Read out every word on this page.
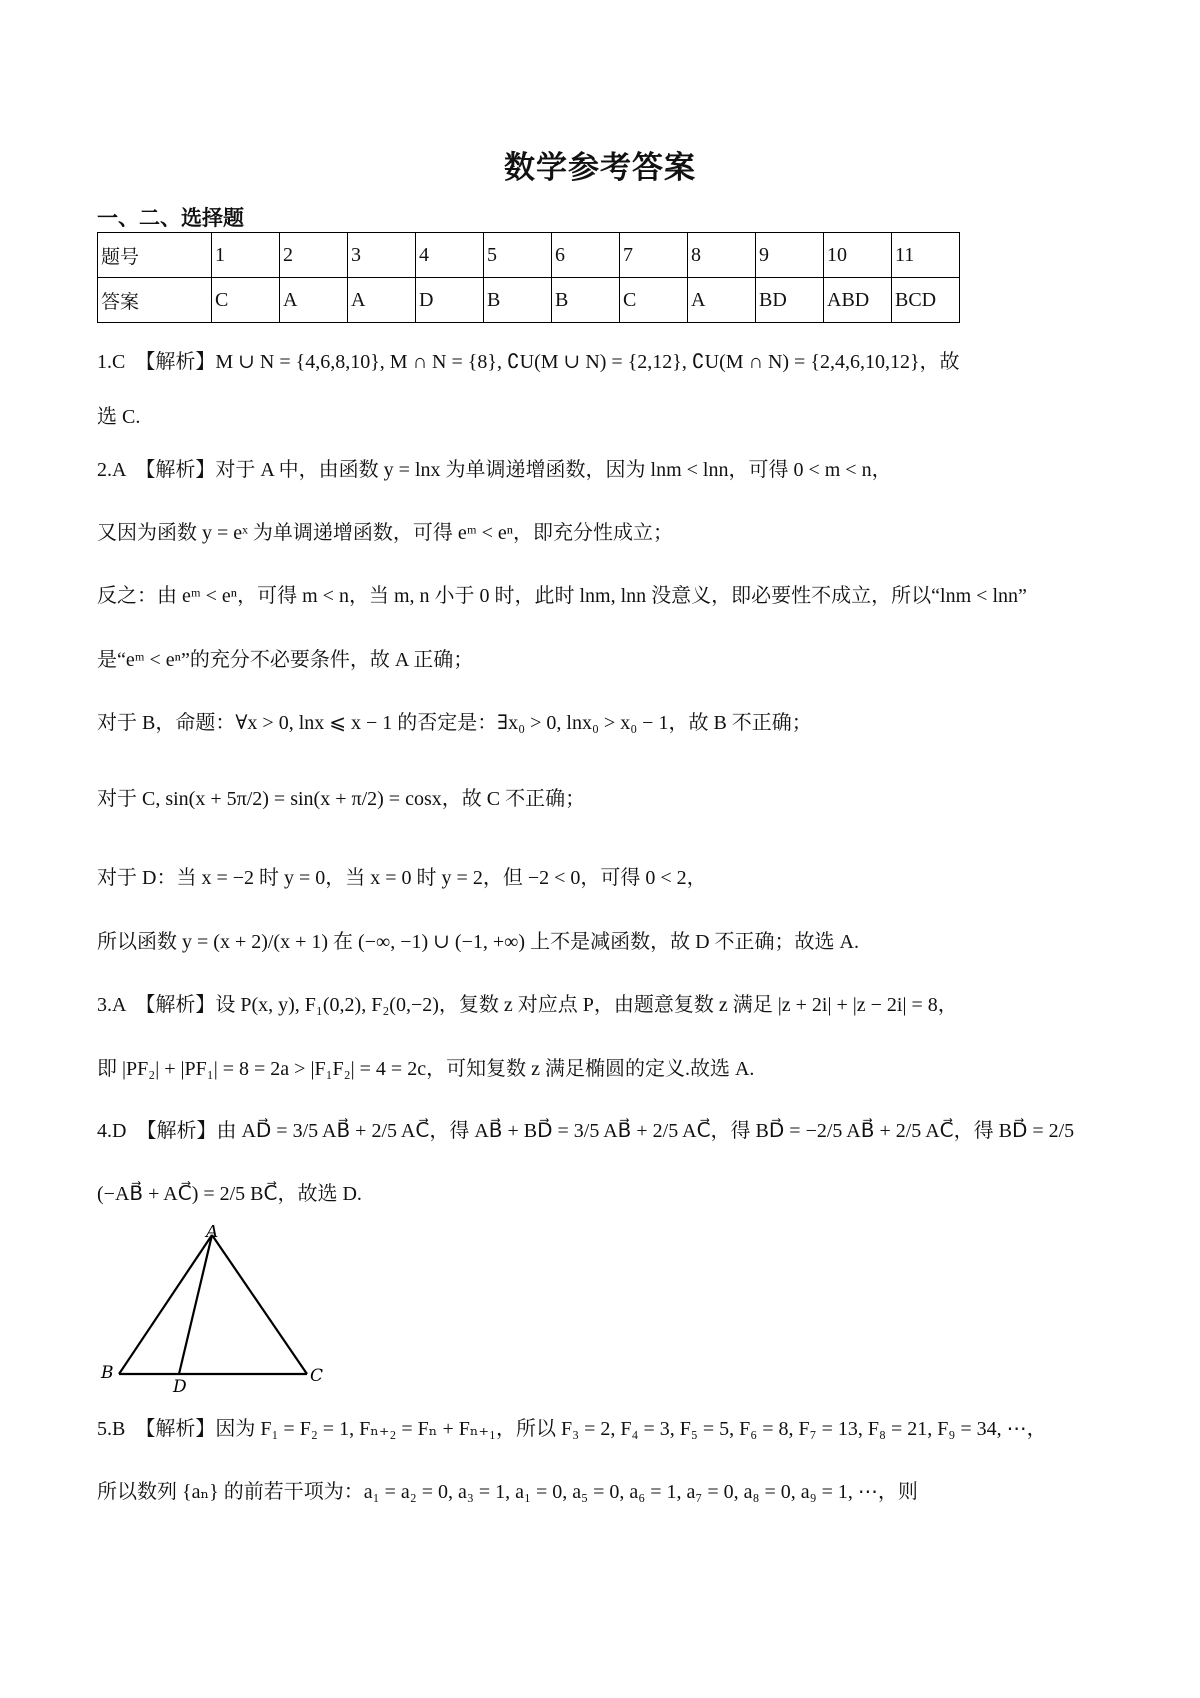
数学参考答案
一、二、选择题
题号	1	2	3	4	5	6	7	8	9	10	11
答案	C	A	A	D	B	B	C	A	BD	ABD	BCD
1.C　【解析】M ∪ N = {4,6,8,10}, M ∩ N = {8}, ∁U(M ∪ N) = {2,12}, ∁U(M ∩ N) = {2,4,6,10,12}，故
选 C.
2.A　【解析】对于 A 中，由函数 y = lnx 为单调递增函数，因为 lnm < lnn，可得 0 < m < n，
又因为函数 y = eˣ 为单调递增函数，可得 eᵐ < eⁿ，即充分性成立；
反之：由 eᵐ < eⁿ，可得 m < n，当 m, n 小于 0 时，此时 lnm, lnn 没意义，即必要性不成立，所以“lnm < lnn”
是“eᵐ < eⁿ”的充分不必要条件，故 A 正确；
对于 B，命题：∀x > 0, lnx ⩽ x − 1 的否定是：∃x₀ > 0, lnx₀ > x₀ − 1，故 B 不正确；
对于 C, sin(x + 5π/2) = sin(x + π/2) = cosx，故 C 不正确；
对于 D：当 x = −2 时 y = 0，当 x = 0 时 y = 2，但 −2 < 0，可得 0 < 2，
所以函数 y = (x + 2)/(x + 1) 在 (−∞, −1) ∪ (−1, +∞) 上不是减函数，故 D 不正确；故选 A.
3.A　【解析】设 P(x, y), F₁(0,2), F₂(0,−2)，复数 z 对应点 P，由题意复数 z 满足 |z + 2i| + |z − 2i| = 8，
即 |PF₂| + |PF₁| = 8 = 2a > |F₁F₂| = 4 = 2c，可知复数 z 满足椭圆的定义.故选 A.
4.D　【解析】由 AD⃗ = 3/5 AB⃗ + 2/5 AC⃗，得 AB⃗ + BD⃗ = 3/5 AB⃗ + 2/5 AC⃗，得 BD⃗ = −2/5 AB⃗ + 2/5 AC⃗，得 BD⃗ = 2/5
(−AB⃗ + AC⃗) = 2/5 BC⃗，故选 D.
A
B	C
D
5.B　【解析】因为 F₁ = F₂ = 1, Fₙ₊₂ = Fₙ + Fₙ₊₁，所以 F₃ = 2, F₄ = 3, F₅ = 5, F₆ = 8, F₇ = 13, F₈ = 21, F₉ = 34, ⋯，
所以数列 {aₙ} 的前若干项为：a₁ = a₂ = 0, a₃ = 1, a₁ = 0, a₅ = 0, a₆ = 1, a₇ = 0, a₈ = 0, a₉ = 1, ⋯，则
